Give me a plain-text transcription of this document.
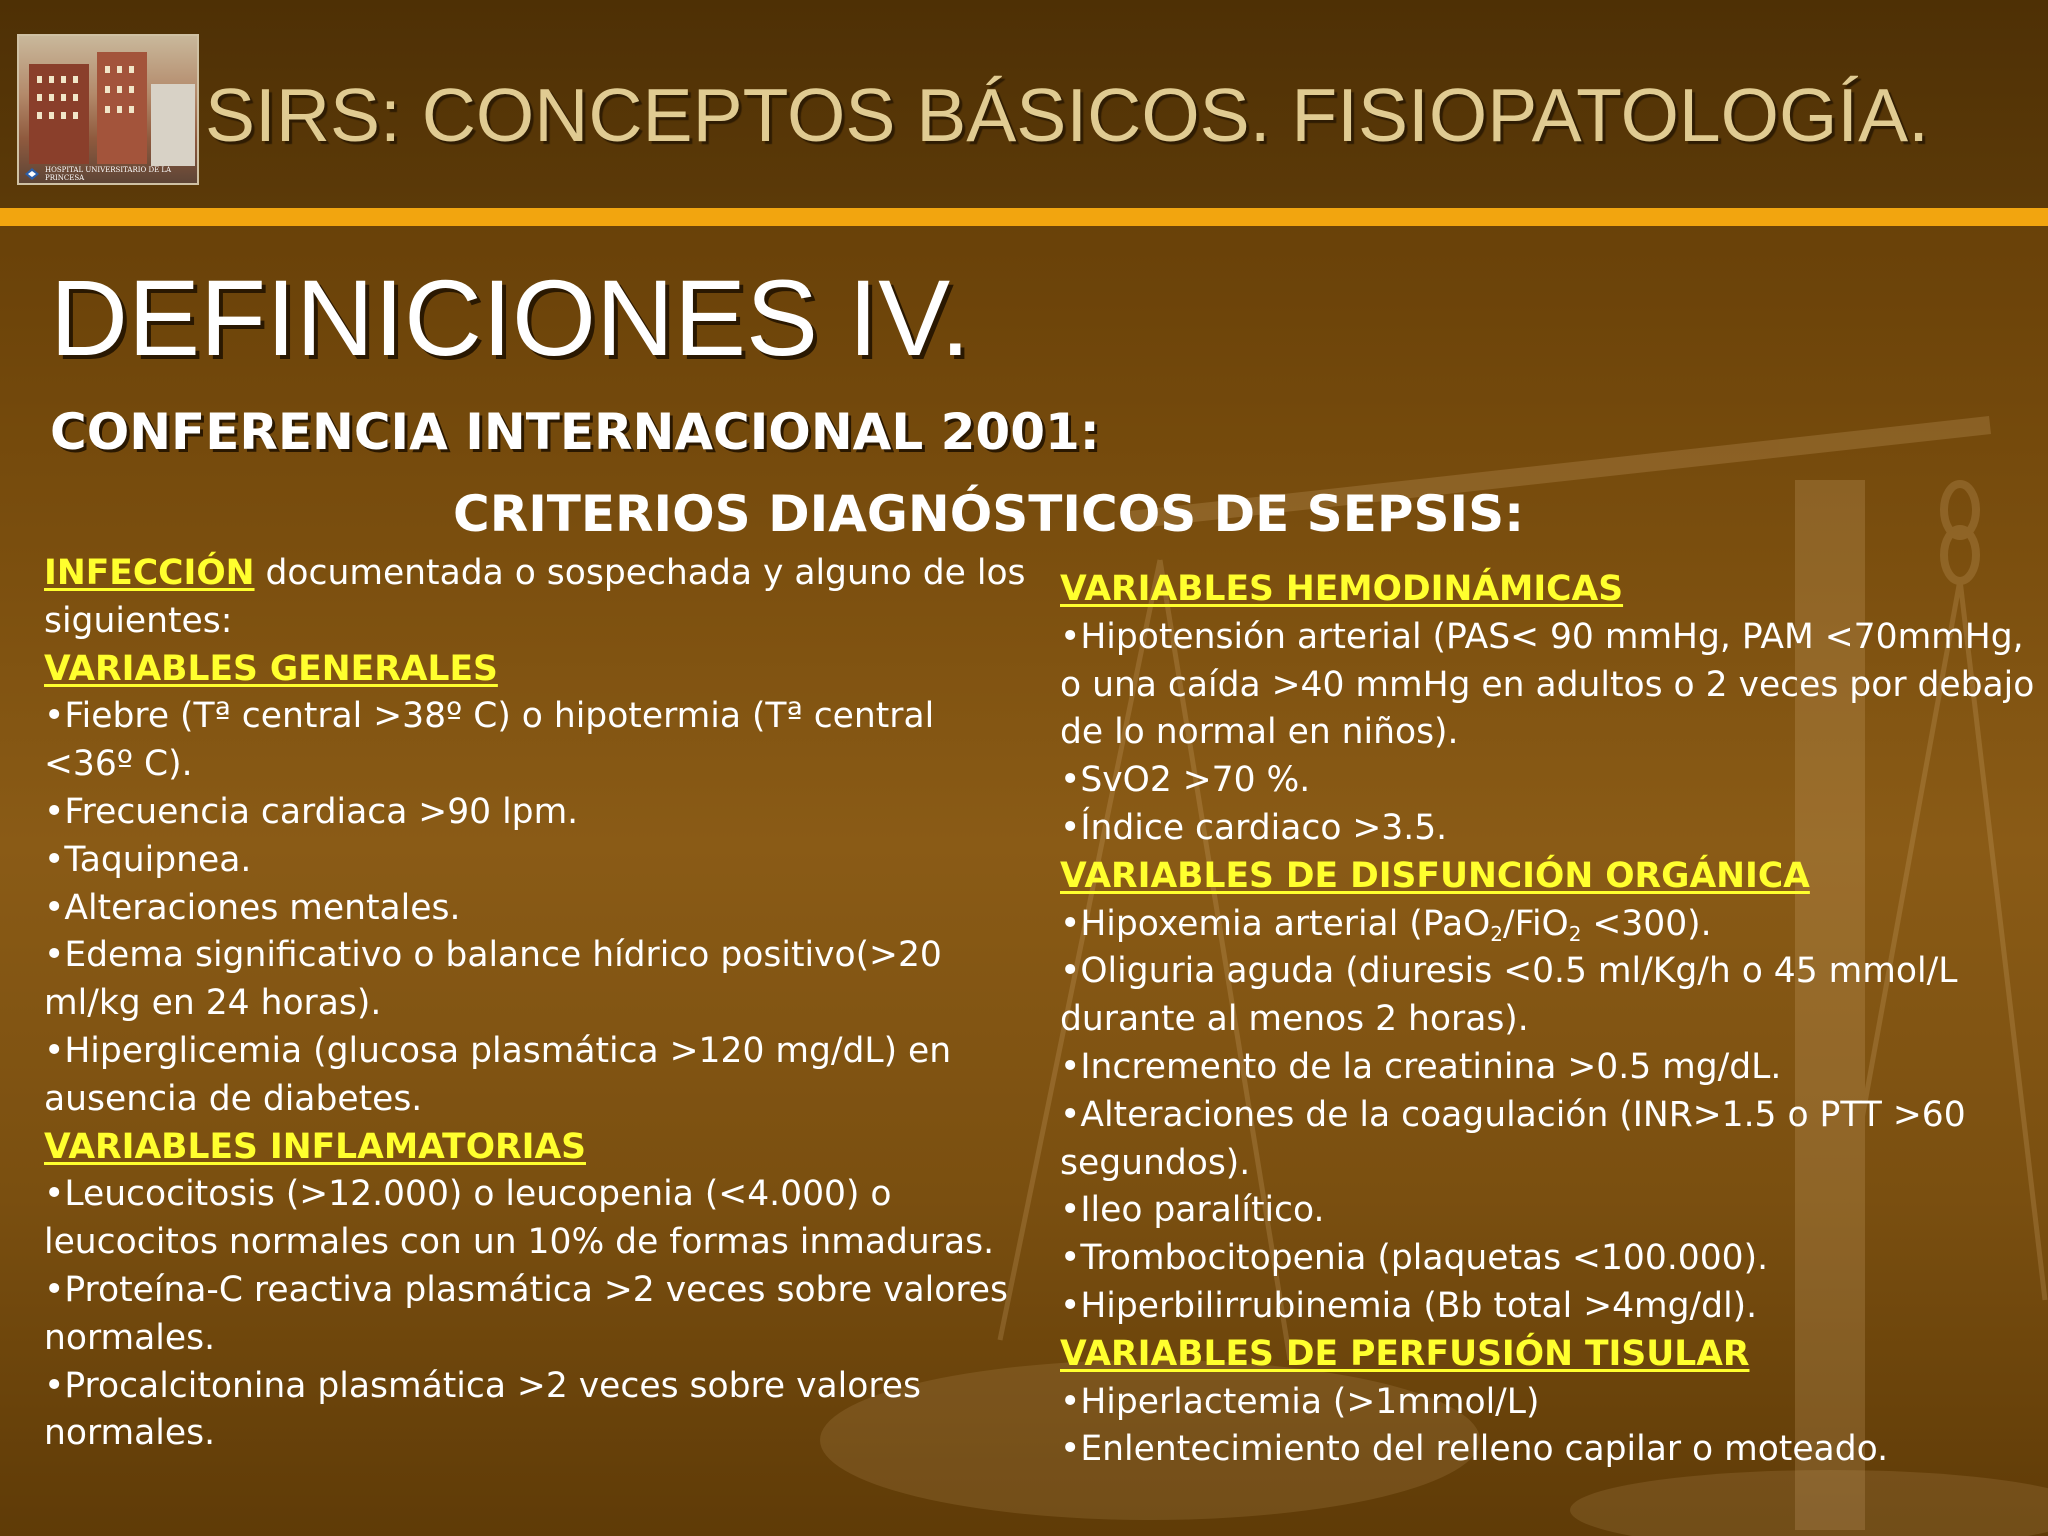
HOSPITAL UNIVERSITARIO DE LA PRINCESA
SIRS: CONCEPTOS BÁSICOS. FISIOPATOLOGÍA.
DEFINICIONES IV.
CONFERENCIA INTERNACIONAL 2001:
CRITERIOS DIAGNÓSTICOS DE SEPSIS:

INFECCIÓN documentada o sospechada y alguno de los siguientes:

VARIABLES GENERALES

•Fiebre (Tª central >38º C) o hipotermia (Tª central <36º C).

•Frecuencia cardiaca >90 lpm.

•Taquipnea.

•Alteraciones mentales.

•Edema significativo o balance hídrico positivo(>20 ml/kg en 24 horas).

•Hiperglicemia (glucosa plasmática >120 mg/dL) en ausencia de diabetes.

VARIABLES INFLAMATORIAS

•Leucocitosis (>12.000) o leucopenia (<4.000) o leucocitos normales con un 10% de formas inmaduras.

•Proteína-C reactiva plasmática >2 veces sobre valores normales.

•Procalcitonina plasmática >2 veces sobre valores normales.

VARIABLES HEMODINÁMICAS

•Hipotensión arterial (PAS< 90 mmHg, PAM <70mmHg, o una caída >40 mmHg en adultos o 2 veces por debajo de lo normal en niños).

•SvO2 >70 %.

•Índice cardiaco >3.5.

VARIABLES DE DISFUNCIÓN ORGÁNICA

•Hipoxemia arterial (PaO$_2$/FiO$_2$ <300).

•Oliguria aguda (diuresis <0.5 ml/Kg/h o 45 mmol/L durante al menos 2 horas).

•Incremento de la creatinina >0.5 mg/dL.

•Alteraciones de la coagulación (INR>1.5 o PTT >60 segundos).

•Ileo paralítico.

•Trombocitopenia (plaquetas <100.000).

•Hiperbilirrubinemia (Bb total >4mg/dl).

VARIABLES DE PERFUSIÓN TISULAR

•Hiperlactemia (>1mmol/L)

•Enlentecimiento del relleno capilar o moteado.
